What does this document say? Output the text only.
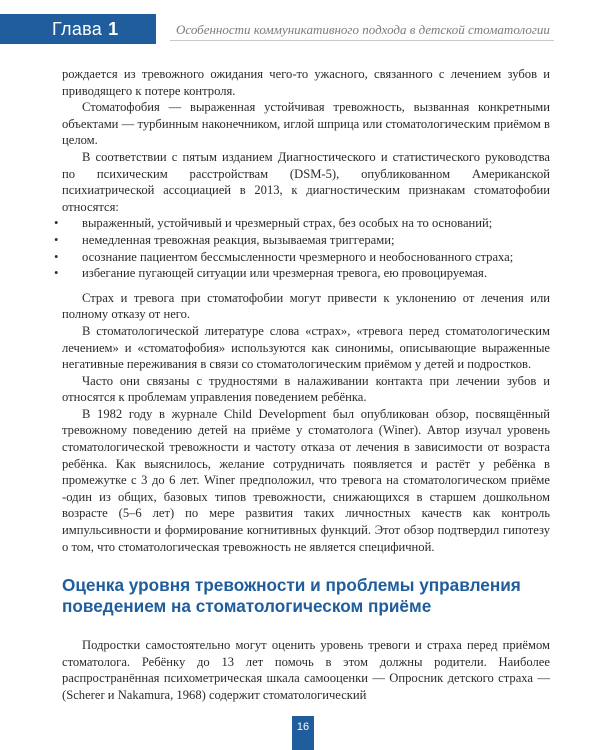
Глава 1	Особенности коммуникативного подхода в детской стоматологии

рождается из тревожного ожидания чего-то ужасного, связанного с лечением зубов и приводящего к потере контроля.

Стоматофобия — выраженная устойчивая тревожность, вызванная конкретными объектами — турбинным наконечником, иглой шприца или стоматологическим приёмом в целом.

В соответствии с пятым изданием Диагностического и статистического руководства по психическим расстройствам (DSM-5), опубликованном Американской психиатрической ассоциацией в 2013, к диагностическим признакам стоматофобии относятся:

• выраженный, устойчивый и чрезмерный страх, без особых на то оснований;
• немедленная тревожная реакция, вызываемая триггерами;
• осознание пациентом бессмысленности чрезмерного и необоснованного страха;
• избегание пугающей ситуации или чрезмерная тревога, ею провоцируемая.

Страх и тревога при стоматофобии могут привести к уклонению от лечения или полному отказу от него.

В стоматологической литературе слова «страх», «тревога перед стоматологическим лечением» и «стоматофобия» используются как синонимы, описывающие выраженные негативные переживания в связи со стоматологическим приёмом у детей и подростков.

Часто они связаны с трудностями в налаживании контакта при лечении зубов и относятся к проблемам управления поведением ребёнка.

В 1982 году в журнале Child Development был опубликован обзор, посвящённый тревожному поведению детей на приёме у стоматолога (Winer). Автор изучал уровень стоматологической тревожности и частоту отказа от лечения в зависимости от возраста ребёнка. Как выяснилось, желание сотрудничать появляется и растёт у ребёнка в промежутке с 3 до 6 лет. Winer предположил, что тревога на стоматологическом приёме -один из общих, базовых типов тревожности, снижающихся в старшем дошкольном возрасте (5–6 лет) по мере развития таких личностных качеств как контроль импульсивности и формирование когнитивных функций. Этот обзор подтвердил гипотезу о том, что стоматологическая тревожность не является специфичной.

Оценка уровня тревожности и проблемы управления поведением на стоматологическом приёме

Подростки самостоятельно могут оценить уровень тревоги и страха перед приёмом стоматолога. Ребёнку до 13 лет помочь в этом должны родители. Наиболее распространённая психометрическая шкала самооценки — Опросник детского страха — (Scherer и Nakamura, 1968) содержит стоматологический

16
